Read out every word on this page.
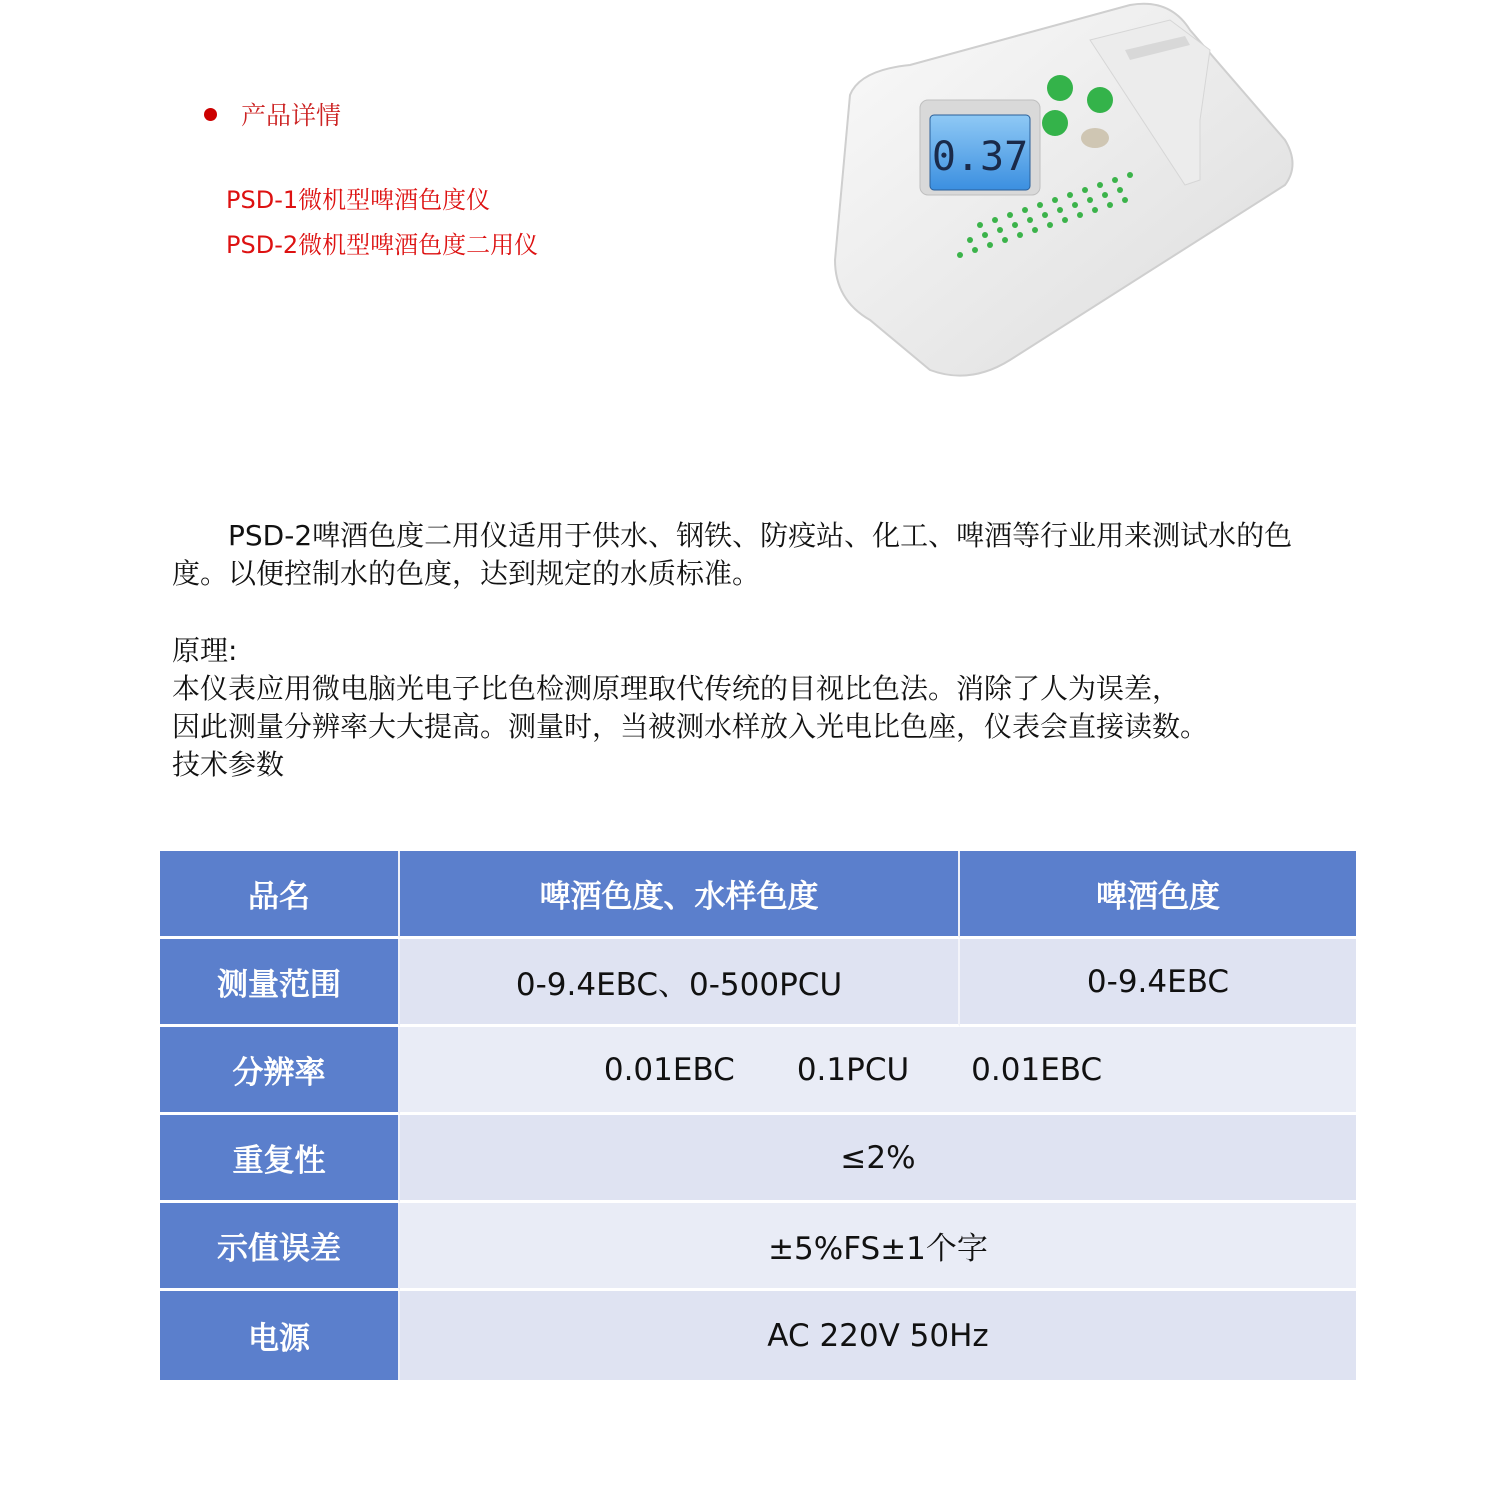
产品详情
PSD-1微机型啤酒色度仪
PSD-2微机型啤酒色度二用仪
0.37

PSD-2啤酒色度二用仪适用于供水、钢铁、防疫站、化工、啤酒等行业用来测试水的色度。以便控制水的色度，达到规定的水质标准。

原理:
本仪表应用微电脑光电子比色检测原理取代传统的目视比色法。消除了人为误差，
因此测量分辨率大大提高。测量时，当被测水样放入光电比色座，仪表会直接读数。
技术参数
品名	啤酒色度、水样色度	啤酒色度
测量范围	0-9.4EBC、0-500PCU	0-9.4EBC
分辨率	0.01EBC 0.1PCU 0.01EBC
重复性	≤2%
示值误差	±5%FS±1个字
电源	AC 220V 50Hz
